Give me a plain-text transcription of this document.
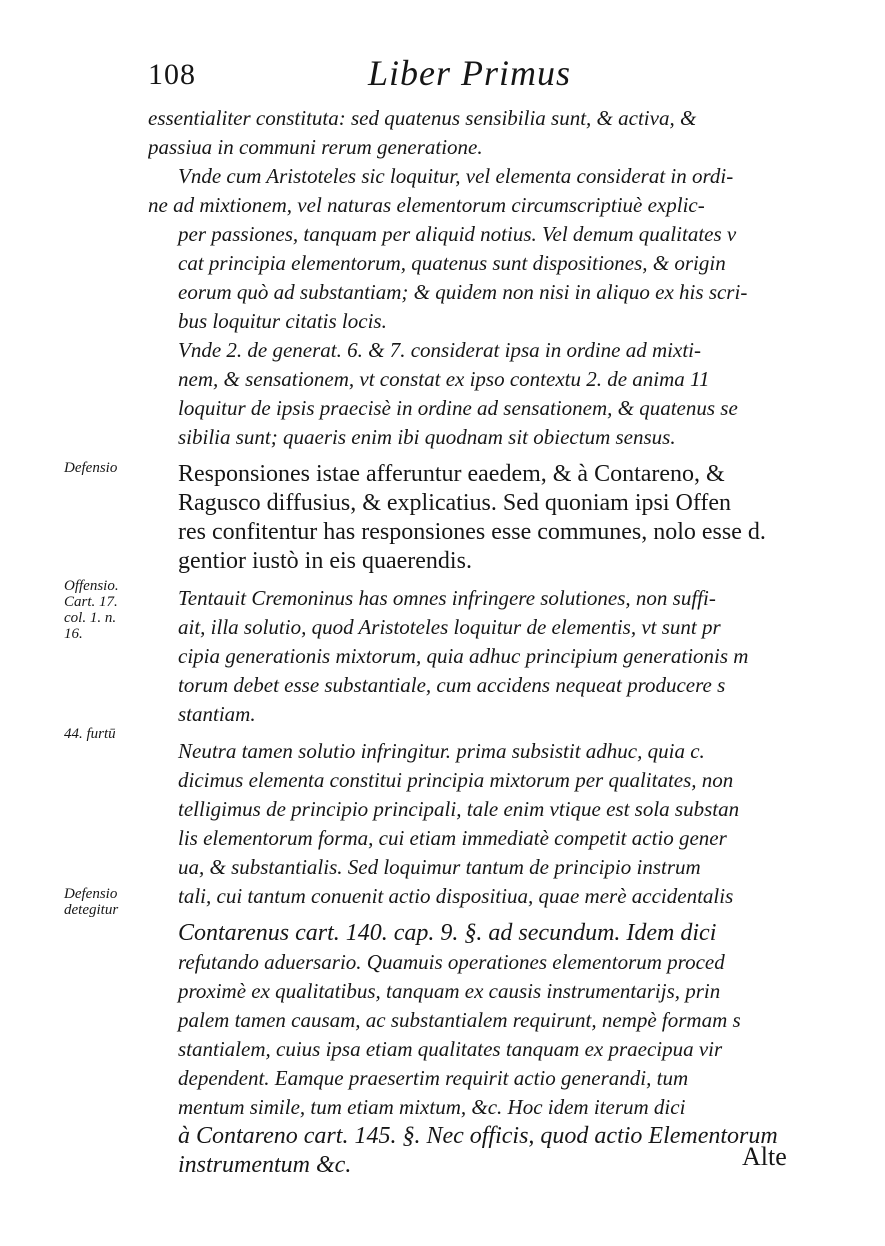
108	Liber Primus

essentialiter constituta: sed quatenus sensibilia sunt, & activa, &
passiua in communi rerum generatione.

Vnde cum Aristoteles sic loquitur, vel elementa considerat in ordi-
ne ad mixtionem, vel naturas elementorum circumscriptiuè explic-
per passiones, tanquam per aliquid notius. Vel demum qualitates v
cat principia elementorum, quatenus sunt dispositiones, & origin
eorum quò ad substantiam; & quidem non nisi in aliquo ex his scri-
bus loquitur citatis locis.

Vnde 2. de generat. 6. & 7. considerat ipsa in ordine ad mixti-
nem, & sensationem, vt constat ex ipso contextu 2. de anima 11
loquitur de ipsis praecisè in ordine ad sensationem, & quatenus se
sibilia sunt; quaeris enim ibi quodnam sit obiectum sensus.

Responsiones istae afferuntur eaedem, & à Contareno, &
Ragusco diffusius, & explicatius. Sed quoniam ipsi Offen
res confitentur has responsiones esse communes, nolo esse d.
gentior iustò in eis quaerendis.

Tentauit Cremoninus has omnes infringere solutiones, non suffi-
ait, illa solutio, quod Aristoteles loquitur de elementis, vt sunt pr
cipia generationis mixtorum, quia adhuc principium generationis m
torum debet esse substantiale, cum accidens nequeat producere s
stantiam.

Neutra tamen solutio infringitur. prima subsistit adhuc, quia c.
dicimus elementa constitui principia mixtorum per qualitates, non
telligimus de principio principali, tale enim vtique est sola substan
lis elementorum forma, cui etiam immediatè competit actio gener
ua, & substantialis. Sed loquimur tantum de principio instrum
tali, cui tantum conuenit actio dispositiua, quae merè accidentalis

Contarenus cart. 140. cap. 9. §. ad secundum. Idem dici
refutando aduersario. Quamuis operationes elementorum proced
proximè ex qualitatibus, tanquam ex causis instrumentarijs, prin
palem tamen causam, ac substantialem requirunt, nempè formam s
stantialem, cuius ipsa etiam qualitates tanquam ex praecipua vir
dependent. Eamque praesertim requirit actio generandi, tum
mentum simile, tum etiam mixtum, &c. Hoc idem iterum dici
à Contareno cart. 145. §. Nec officis, quod actio Elementorum
instrumentum &c.

Defensio
Offensio.
Cart. 17.
col. 1. n.
16.
44. furtū
Defensio
detegitur
Alte
